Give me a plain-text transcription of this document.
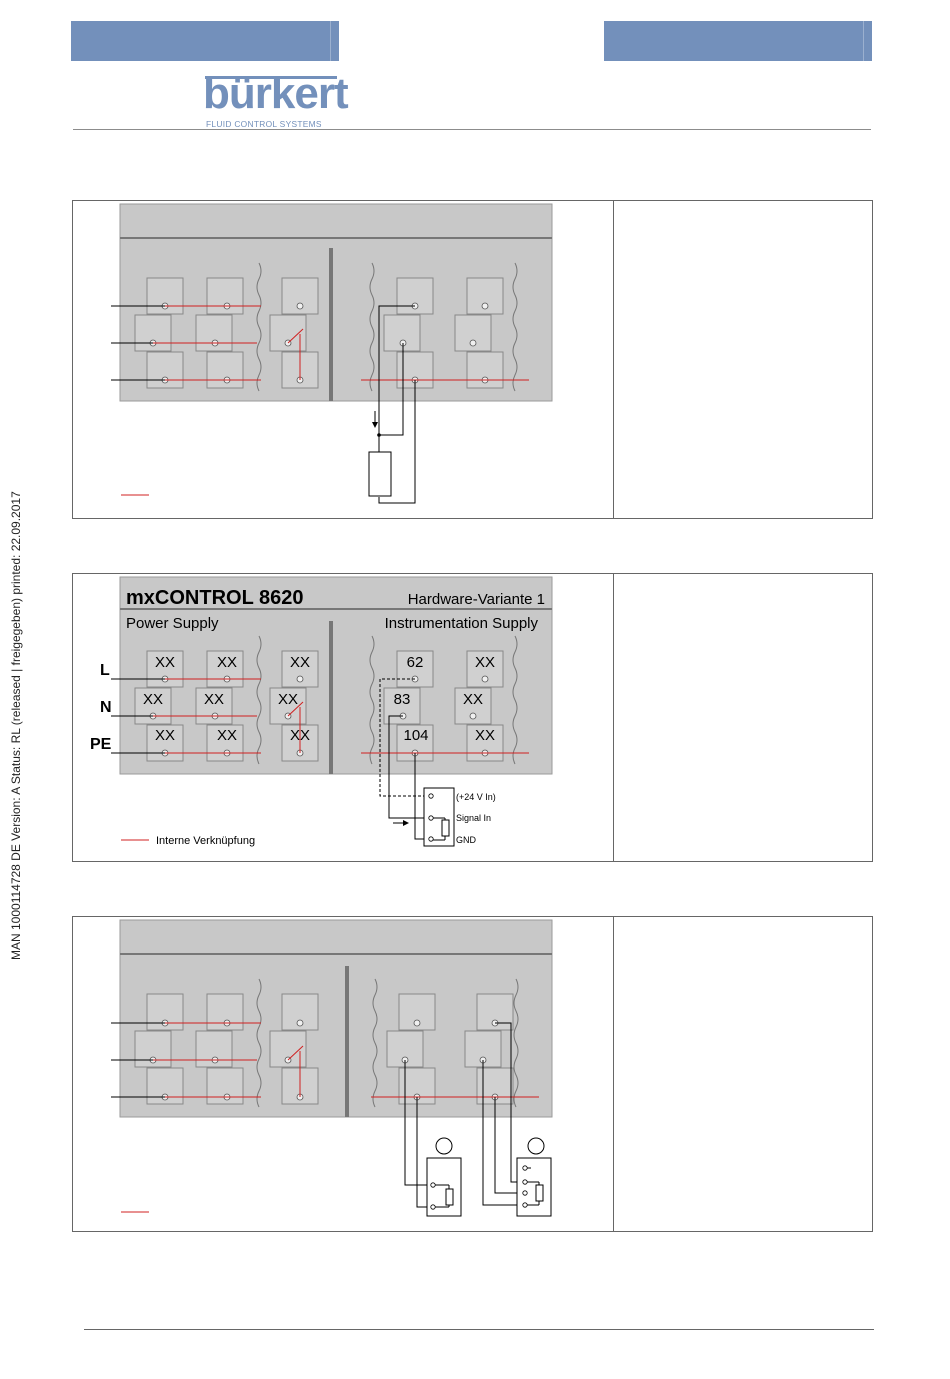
bürkert
FLUID CONTROL SYSTEMS
MAN 1000114728 DE Version: A Status: RL (released | freigegeben) printed: 22.09.2017	mxCONTROL 8620	Hardware-Variante 1
Power Supply	Instrumentation Supply
XX	XX	XX
XX	XX	XX
XX	XX	XX
62	XX
83	XX
104	XX
L
N
PE
(+24 V In)
Signal In
GND
Interne Verknüpfung
